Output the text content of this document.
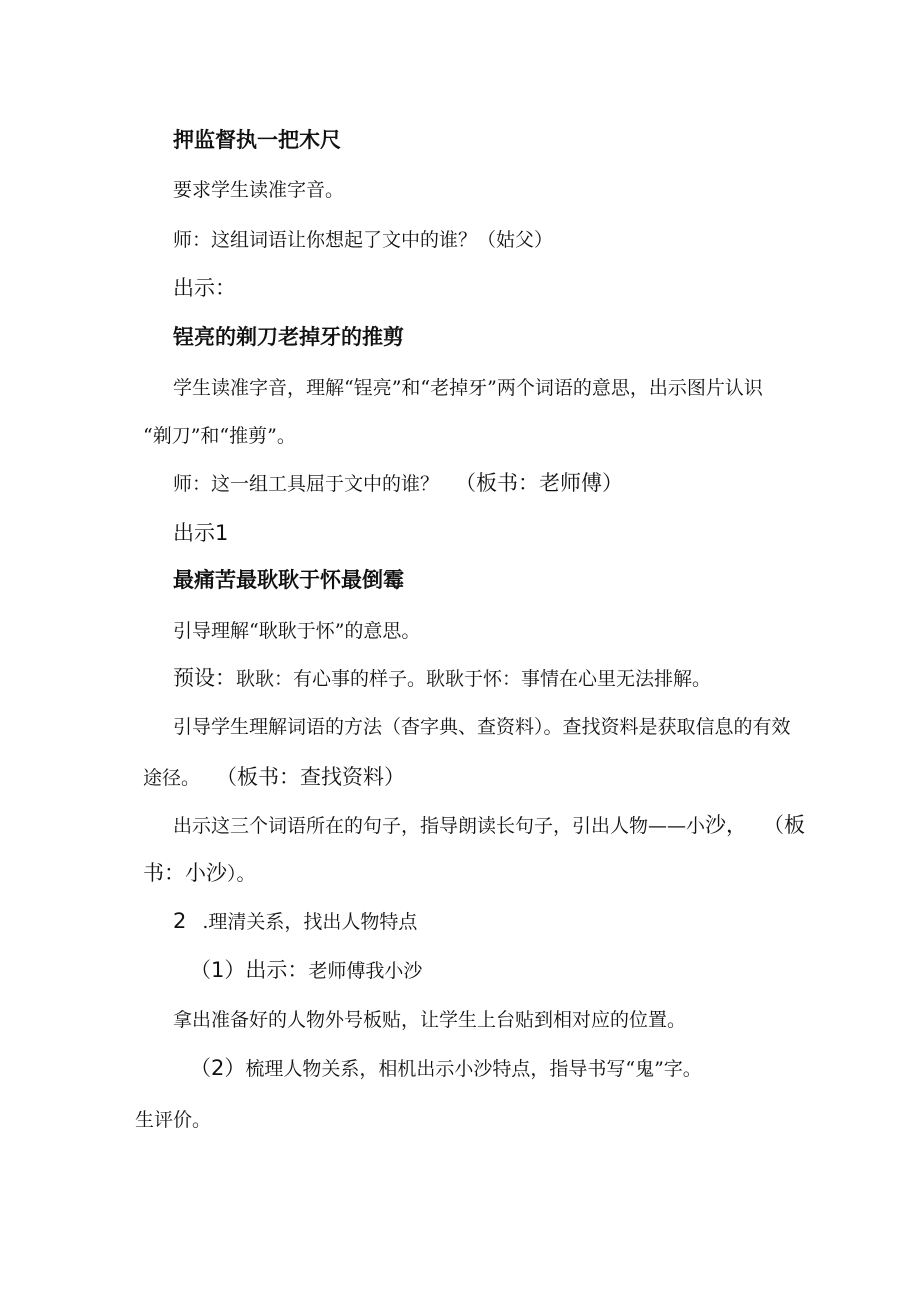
押监督执一把木尺
要求学生读准字音。
师：这组词语让你想起了文中的谁？（姑父）
出示：
锃亮的剃刀老掉牙的推剪
学生读准字音，理解“锃亮”和“老掉牙”两个词语的意思，出示图片认识
“剃刀”和“推剪”。
师：这一组工具屈于文中的谁？ （板书：老师傅）
出示1
最痛苦最耿耿于怀最倒霉
引导理解“耿耿于怀”的意思。
预设：耿耿：有心事的样子。耿耿于怀：事情在心里无法排解。
引导学生理解词语的方法（杳字典、查资料）。查找资料是获取信息的有效
途径。 （板书：查找资料）
出示这三个词语所在的句子，指导朗读长句子，引出人物——小沙， （板
书：小沙）。
2 .理清关系，找出人物特点
（1）出示：老师傅我小沙
拿出准备好的人物外号板贴，让学生上台贴到相对应的位置。
（2）梳理人物关系，相机出示小沙特点，指导书写“鬼”字。
生评价。
